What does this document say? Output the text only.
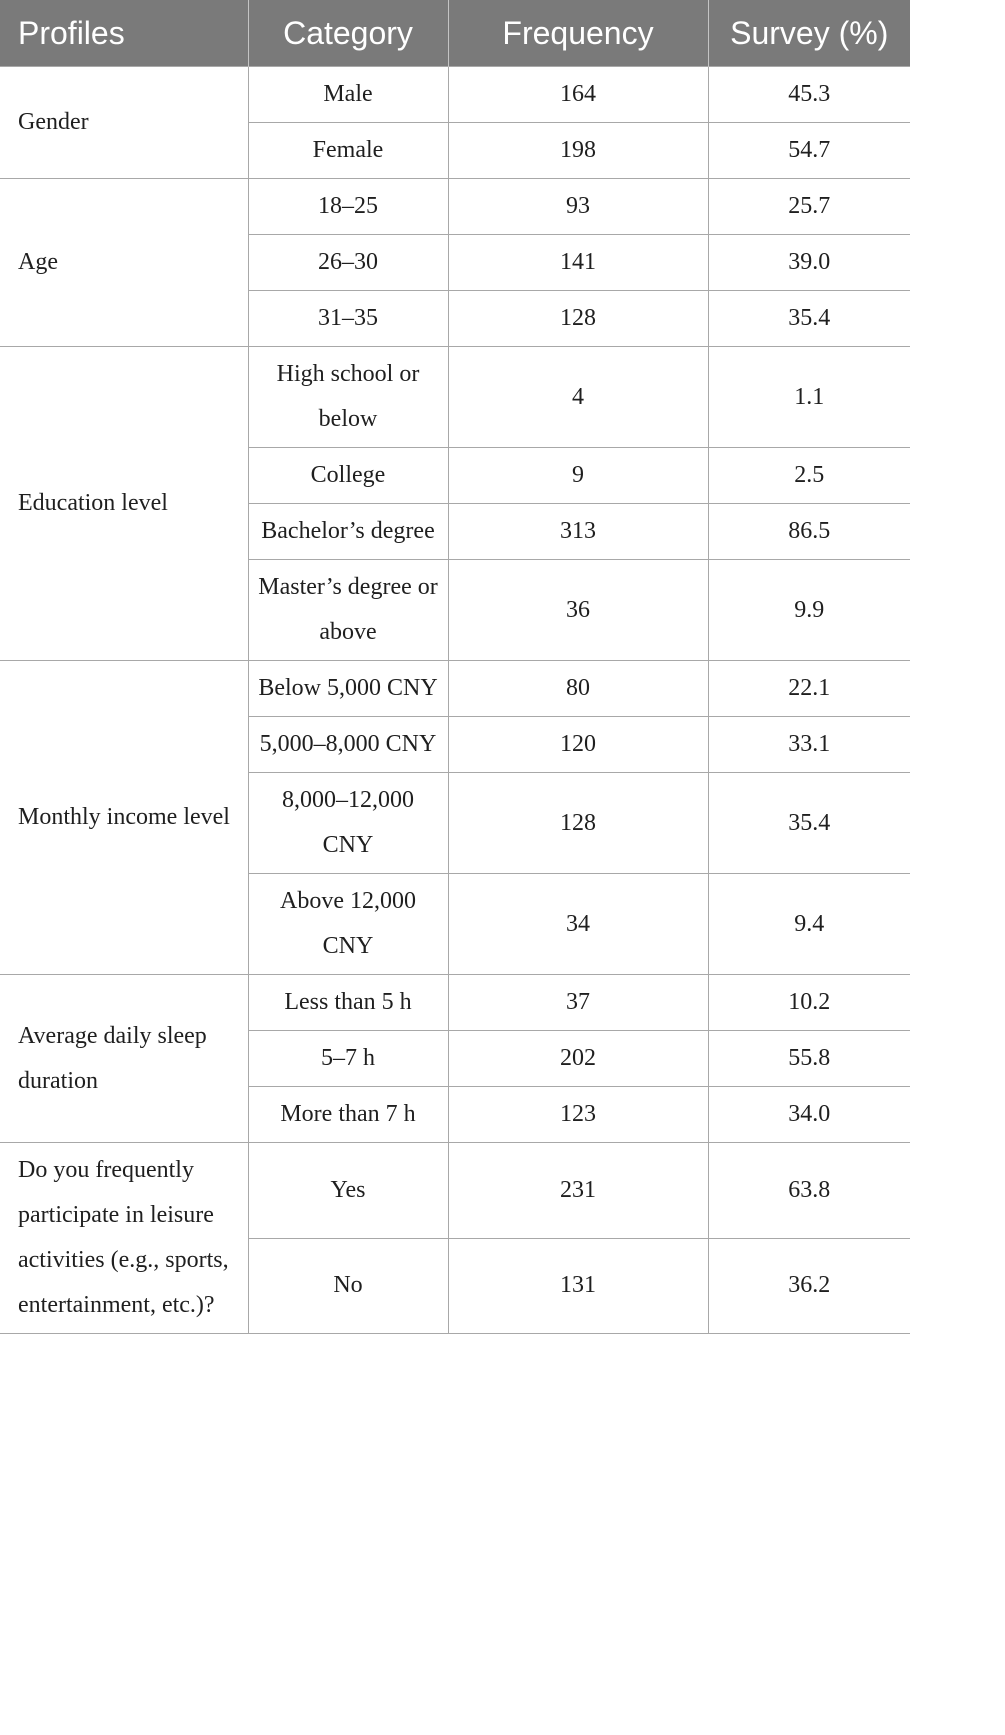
Profiles	Category	Frequency	Survey (%)
Gender	Male	164	45.3
	Female	198	54.7
Age	18–25	93	25.7
	26–30	141	39.0
	31–35	128	35.4
Education level	High school or below	4	1.1
	College	9	2.5
	Bachelor’s degree	313	86.5
	Master’s degree or above	36	9.9
Monthly income level	Below 5,000 CNY	80	22.1
	5,000–8,000 CNY	120	33.1
	8,000–12,000 CNY	128	35.4
	Above 12,000 CNY	34	9.4
Average daily sleep duration	Less than 5 h	37	10.2
	5–7 h	202	55.8
	More than 7 h	123	34.0
Do you frequently participate in leisure activities (e.g., sports, entertainment, etc.)?	Yes	231	63.8
	No	131	36.2
